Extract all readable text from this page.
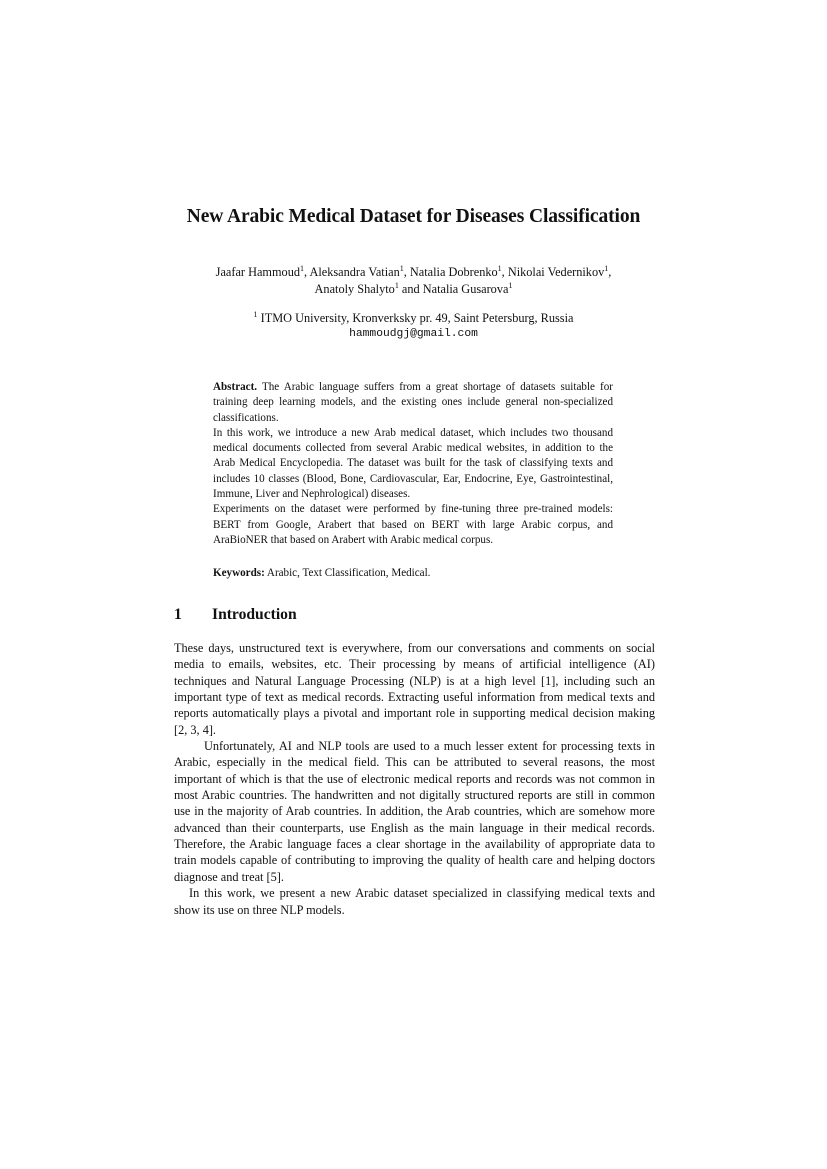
New Arabic Medical Dataset for Diseases Classification
Jaafar Hammoud$^1$, Aleksandra Vatian$^1$, Natalia Dobrenko$^1$, Nikolai Vedernikov$^1$,
Anatoly Shalyto$^1$ and Natalia Gusarova$^1$
$^1$ ITMO University, Kronverksky pr. 49, Saint Petersburg, Russia
hammoudgj@gmail.com

Abstract. The Arabic language suffers from a great shortage of datasets suitable for training deep learning models, and the existing ones include general non-specialized classifications.

In this work, we introduce a new Arab medical dataset, which includes two thousand medical documents collected from several Arabic medical websites, in addition to the Arab Medical Encyclopedia. The dataset was built for the task of classifying texts and includes 10 classes (Blood, Bone, Cardiovascular, Ear, Endocrine, Eye, Gastrointestinal, Immune, Liver and Nephrological) diseases.

Experiments on the dataset were performed by fine-tuning three pre-trained models: BERT from Google, Arabert that based on BERT with large Arabic corpus, and AraBioNER that based on Arabert with Arabic medical corpus.

Keywords: Arabic, Text Classification, Medical.
1 Introduction

These days, unstructured text is everywhere, from our conversations and comments on social media to emails, websites, etc. Their processing by means of artificial intelligence (AI) techniques and Natural Language Processing (NLP) is at a high level [1], including such an important type of text as medical records. Extracting useful information from medical texts and reports automatically plays a pivotal and important role in supporting medical decision making [2, 3, 4].

Unfortunately, AI and NLP tools are used to a much lesser extent for processing texts in Arabic, especially in the medical field. This can be attributed to several reasons, the most important of which is that the use of electronic medical reports and records was not common in most Arabic countries. The handwritten and not digitally structured reports are still in common use in the majority of Arab countries. In addition, the Arab countries, which are somehow more advanced than their counterparts, use English as the main language in their medical records. Therefore, the Arabic language faces a clear shortage in the availability of appropriate data to train models capable of contributing to improving the quality of health care and helping doctors diagnose and treat [5].

In this work, we present a new Arabic dataset specialized in classifying medical texts and show its use on three NLP models.
